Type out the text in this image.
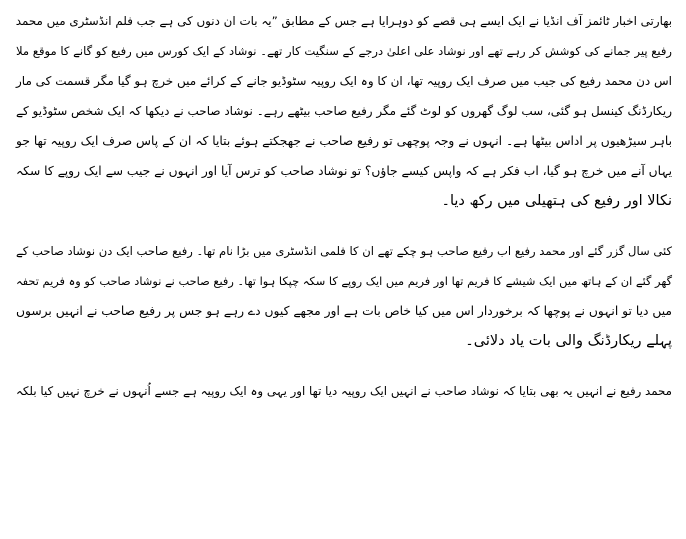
بھارتی اخبار ٹائمز آف انڈیا نے ایک ایسے ہی قصے کو دوہرایا ہے جس کے مطابق ”یہ بات ان دنوں کی ہے جب فلم انڈسٹری میں محمد
رفیع پیر جمانے کی کوشش کر رہے تھے اور نوشاد علی اعلیٰ درجے کے سنگیت کار تھے۔ نوشاد کے ایک کورس میں رفیع کو گانے کا موقع ملا
اس دن محمد رفیع کی جیب میں صرف ایک روپیہ تھا، ان کا وہ ایک روپیہ سٹوڈیو جانے کے کرائے میں خرچ ہو گیا مگر قسمت کی مار
ریکارڈنگ کینسل ہو گئی، سب لوگ گھروں کو لوٹ گئے مگر رفیع صاحب بیٹھے رہے۔ نوشاد صاحب نے دیکھا کہ ایک شخص سٹوڈیو کے
باہر سیڑھیوں پر اداس بیٹھا ہے۔ انہوں نے وجہ پوچھی تو رفیع صاحب نے جھجکتے ہوئے بتایا کہ ان کے پاس صرف ایک روپیہ تھا جو
یہاں آنے میں خرچ ہو گیا، اب فکر ہے کہ واپس کیسے جاؤں؟ تو نوشاد صاحب کو ترس آیا اور انہوں نے جیب سے ایک روپے کا سکہ
نکالا اور رفیع کی ہتھیلی میں رکھ دیا۔
کئی سال گزر گئے اور محمد رفیع اب رفیع صاحب ہو چکے تھے ان کا فلمی انڈسٹری میں بڑا نام تھا۔ رفیع صاحب ایک دن نوشاد صاحب کے
گھر گئے ان کے ہاتھ میں ایک شیشے کا فریم تھا اور فریم میں ایک روپے کا سکہ چپکا ہوا تھا۔ رفیع صاحب نے نوشاد صاحب کو وہ فریم تحفہ
میں دیا تو انہوں نے پوچھا کہ برخوردار اس میں کیا خاص بات ہے اور مجھے کیوں دے رہے ہو جس پر رفیع صاحب نے انہیں برسوں
پہلے ریکارڈنگ والی بات یاد دلائی۔
محمد رفیع نے انہیں یہ بھی بتایا کہ نوشاد صاحب نے انہیں ایک روپیہ دیا تھا اور یہی وہ ایک روپیہ ہے جسے اُنہوں نے خرچ نہیں کیا بلکہ
